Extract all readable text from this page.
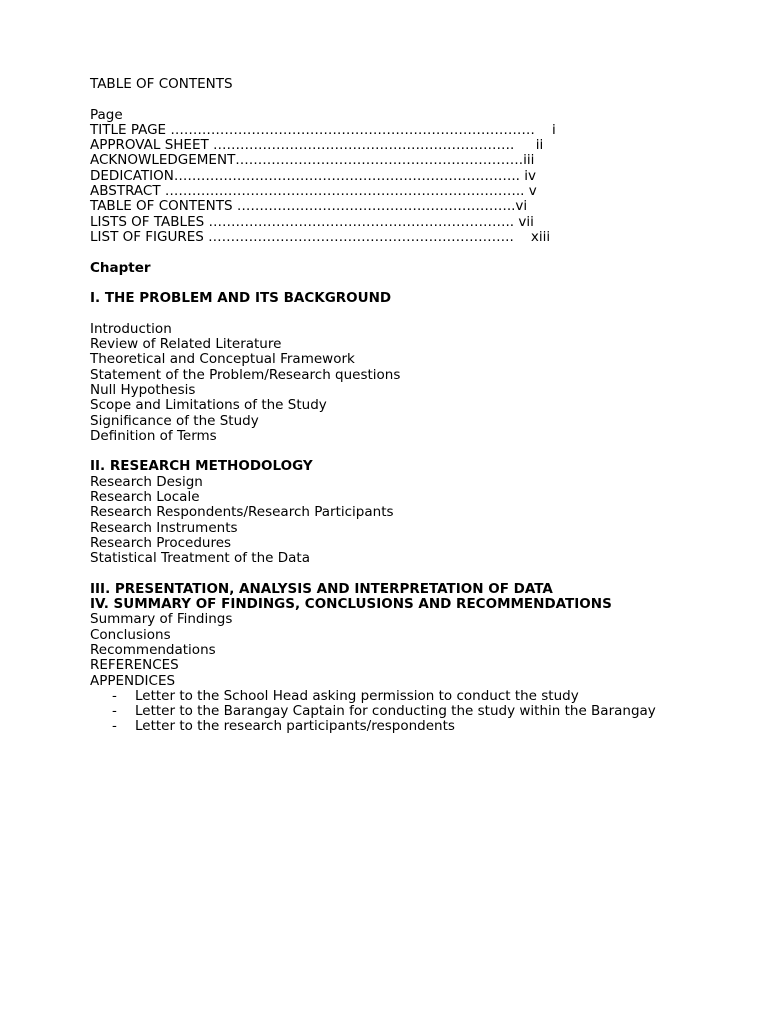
TABLE OF CONTENTS
Page
TITLE PAGE ………………………………………………………………………    i
APPROVAL SHEET ………………………………………………………….     ii
ACKNOWLEDGEMENT……………………………………………………….iii
DEDICATION………………………………………………………………….. iv
ABSTRACT …………………………………………………………………….. v
TABLE OF CONTENTS ……………………………………………………..vi
LISTS OF TABLES ………………………………………………………….. vii
LIST OF FIGURES …………………………………………………………..    xiii
Chapter
I. THE PROBLEM AND ITS BACKGROUND
Introduction
Review of Related Literature
Theoretical and Conceptual Framework
Statement of the Problem/Research questions
Null Hypothesis
Scope and Limitations of the Study
Significance of the Study
Definition of Terms
II. RESEARCH METHODOLOGY
Research Design
Research Locale
Research Respondents/Research Participants
Research Instruments
Research Procedures
Statistical Treatment of the Data
III. PRESENTATION, ANALYSIS AND INTERPRETATION OF DATA
IV. SUMMARY OF FINDINGS, CONCLUSIONS AND RECOMMENDATIONS
Summary of Findings
Conclusions
Recommendations
REFERENCES
APPENDICES
- Letter to the School Head asking permission to conduct the study
- Letter to the Barangay Captain for conducting the study within the Barangay
- Letter to the research participants/respondents
